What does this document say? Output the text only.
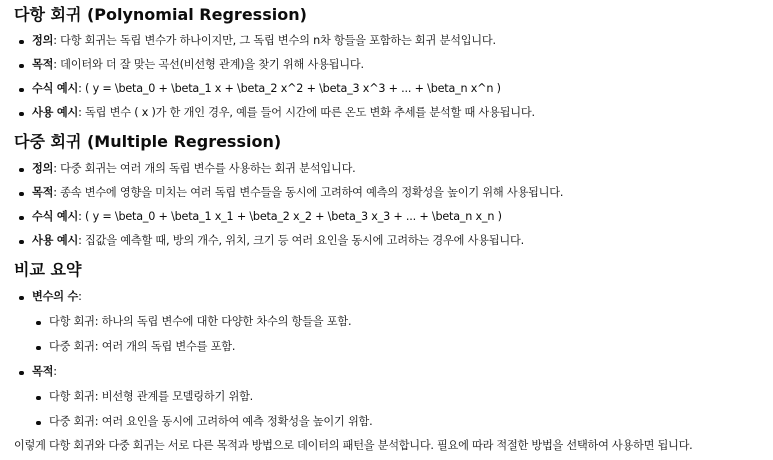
다항 회귀 (Polynomial Regression)
정의: 다항 회귀는 독립 변수가 하나이지만, 그 독립 변수의 n차 항들을 포함하는 회귀 분석입니다.
목적: 데이터와 더 잘 맞는 곡선(비선형 관계)을 찾기 위해 사용됩니다.
수식 예시: ( y = \beta_0 + \beta_1 x + \beta_2 x^2 + \beta_3 x^3 + ... + \beta_n x^n )
사용 예시: 독립 변수 ( x )가 한 개인 경우, 예를 들어 시간에 따른 온도 변화 추세를 분석할 때 사용됩니다.
다중 회귀 (Multiple Regression)
정의: 다중 회귀는 여러 개의 독립 변수를 사용하는 회귀 분석입니다.
목적: 종속 변수에 영향을 미치는 여러 독립 변수들을 동시에 고려하여 예측의 정확성을 높이기 위해 사용됩니다.
수식 예시: ( y = \beta_0 + \beta_1 x_1 + \beta_2 x_2 + \beta_3 x_3 + ... + \beta_n x_n )
사용 예시: 집값을 예측할 때, 방의 개수, 위치, 크기 등 여러 요인을 동시에 고려하는 경우에 사용됩니다.
비교 요약
변수의 수:
다항 회귀: 하나의 독립 변수에 대한 다양한 차수의 항들을 포함.
다중 회귀: 여러 개의 독립 변수를 포함.
목적:
다항 회귀: 비선형 관계를 모델링하기 위함.
다중 회귀: 여러 요인을 동시에 고려하여 예측 정확성을 높이기 위함.

이렇게 다항 회귀와 다중 회귀는 서로 다른 목적과 방법으로 데이터의 패턴을 분석합니다. 필요에 따라 적절한 방법을 선택하여 사용하면 됩니다.
